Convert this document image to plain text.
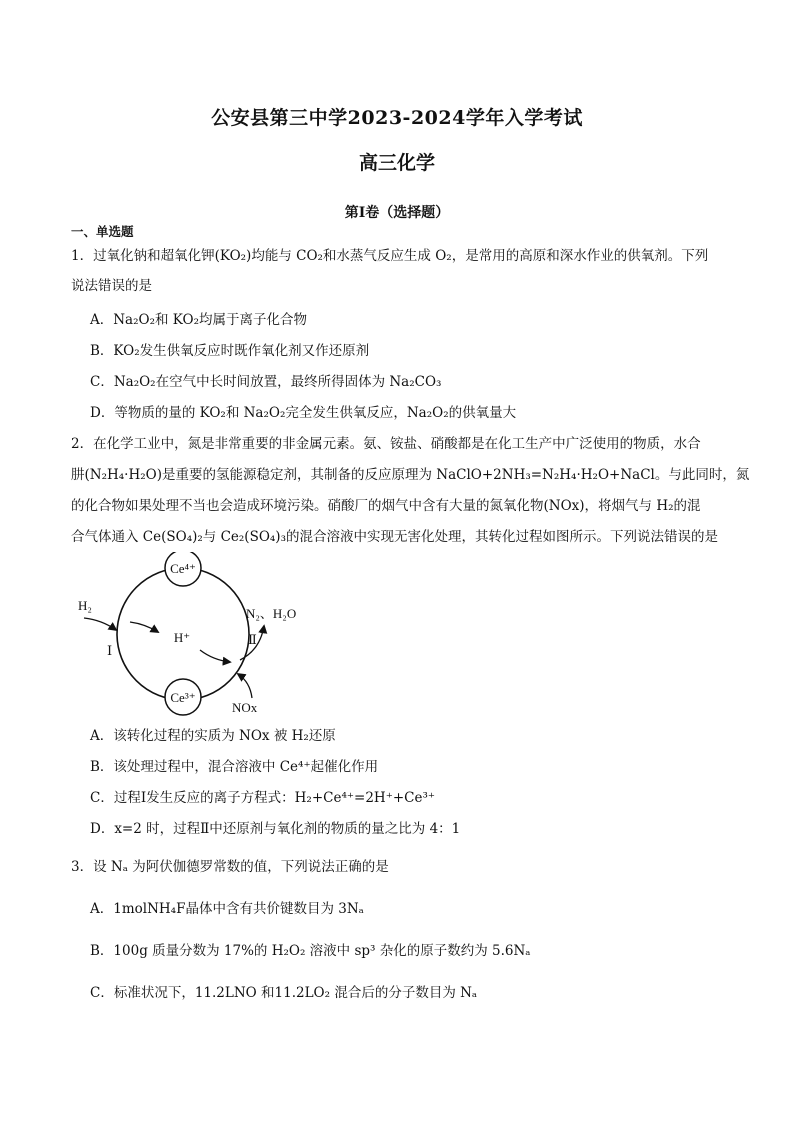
公安县第三中学2023-2024学年入学考试
高三化学
第Ⅰ卷（选择题）
一、单选题
1．过氧化钠和超氧化钾(KO₂)均能与 CO₂和水蒸气反应生成 O₂，是常用的高原和深水作业的供氧剂。下列
说法错误的是
A．Na₂O₂和 KO₂均属于离子化合物
B．KO₂发生供氧反应时既作氧化剂又作还原剂
C．Na₂O₂在空气中长时间放置，最终所得固体为 Na₂CO₃
D．等物质的量的 KO₂和 Na₂O₂完全发生供氧反应，Na₂O₂的供氧量大
2．在化学工业中，氮是非常重要的非金属元素。氨、铵盐、硝酸都是在化工生产中广泛使用的物质，水合
肼(N₂H₄·H₂O)是重要的氢能源稳定剂，其制备的反应原理为 NaClO+2NH₃=N₂H₄·H₂O+NaCl。与此同时，氮
的化合物如果处理不当也会造成环境污染。硝酸厂的烟气中含有大量的氮氧化物(NOx)，将烟气与 H₂的混
合气体通入 Ce(SO₄)₂与 Ce₂(SO₄)₃的混合溶液中实现无害化处理，其转化过程如图所示。下列说法错误的是
Ce⁴⁺
Ce³⁺
H⁺
H₂
Ⅰ
N₂、H₂O
Ⅱ
NOx
A．该转化过程的实质为 NOx 被 H₂还原
B．该处理过程中，混合溶液中 Ce⁴⁺起催化作用
C．过程Ⅰ发生反应的离子方程式：H₂+Ce⁴⁺=2H⁺+Ce³⁺
D．x=2 时，过程Ⅱ中还原剂与氧化剂的物质的量之比为 4：1
3．设 Nₐ 为阿伏伽德罗常数的值，下列说法正确的是
A．1molNH₄F晶体中含有共价键数目为 3Nₐ
B．100g 质量分数为 17%的 H₂O₂ 溶液中 sp³ 杂化的原子数约为 5.6Nₐ
C．标准状况下，11.2LNO 和11.2LO₂ 混合后的分子数目为 Nₐ
